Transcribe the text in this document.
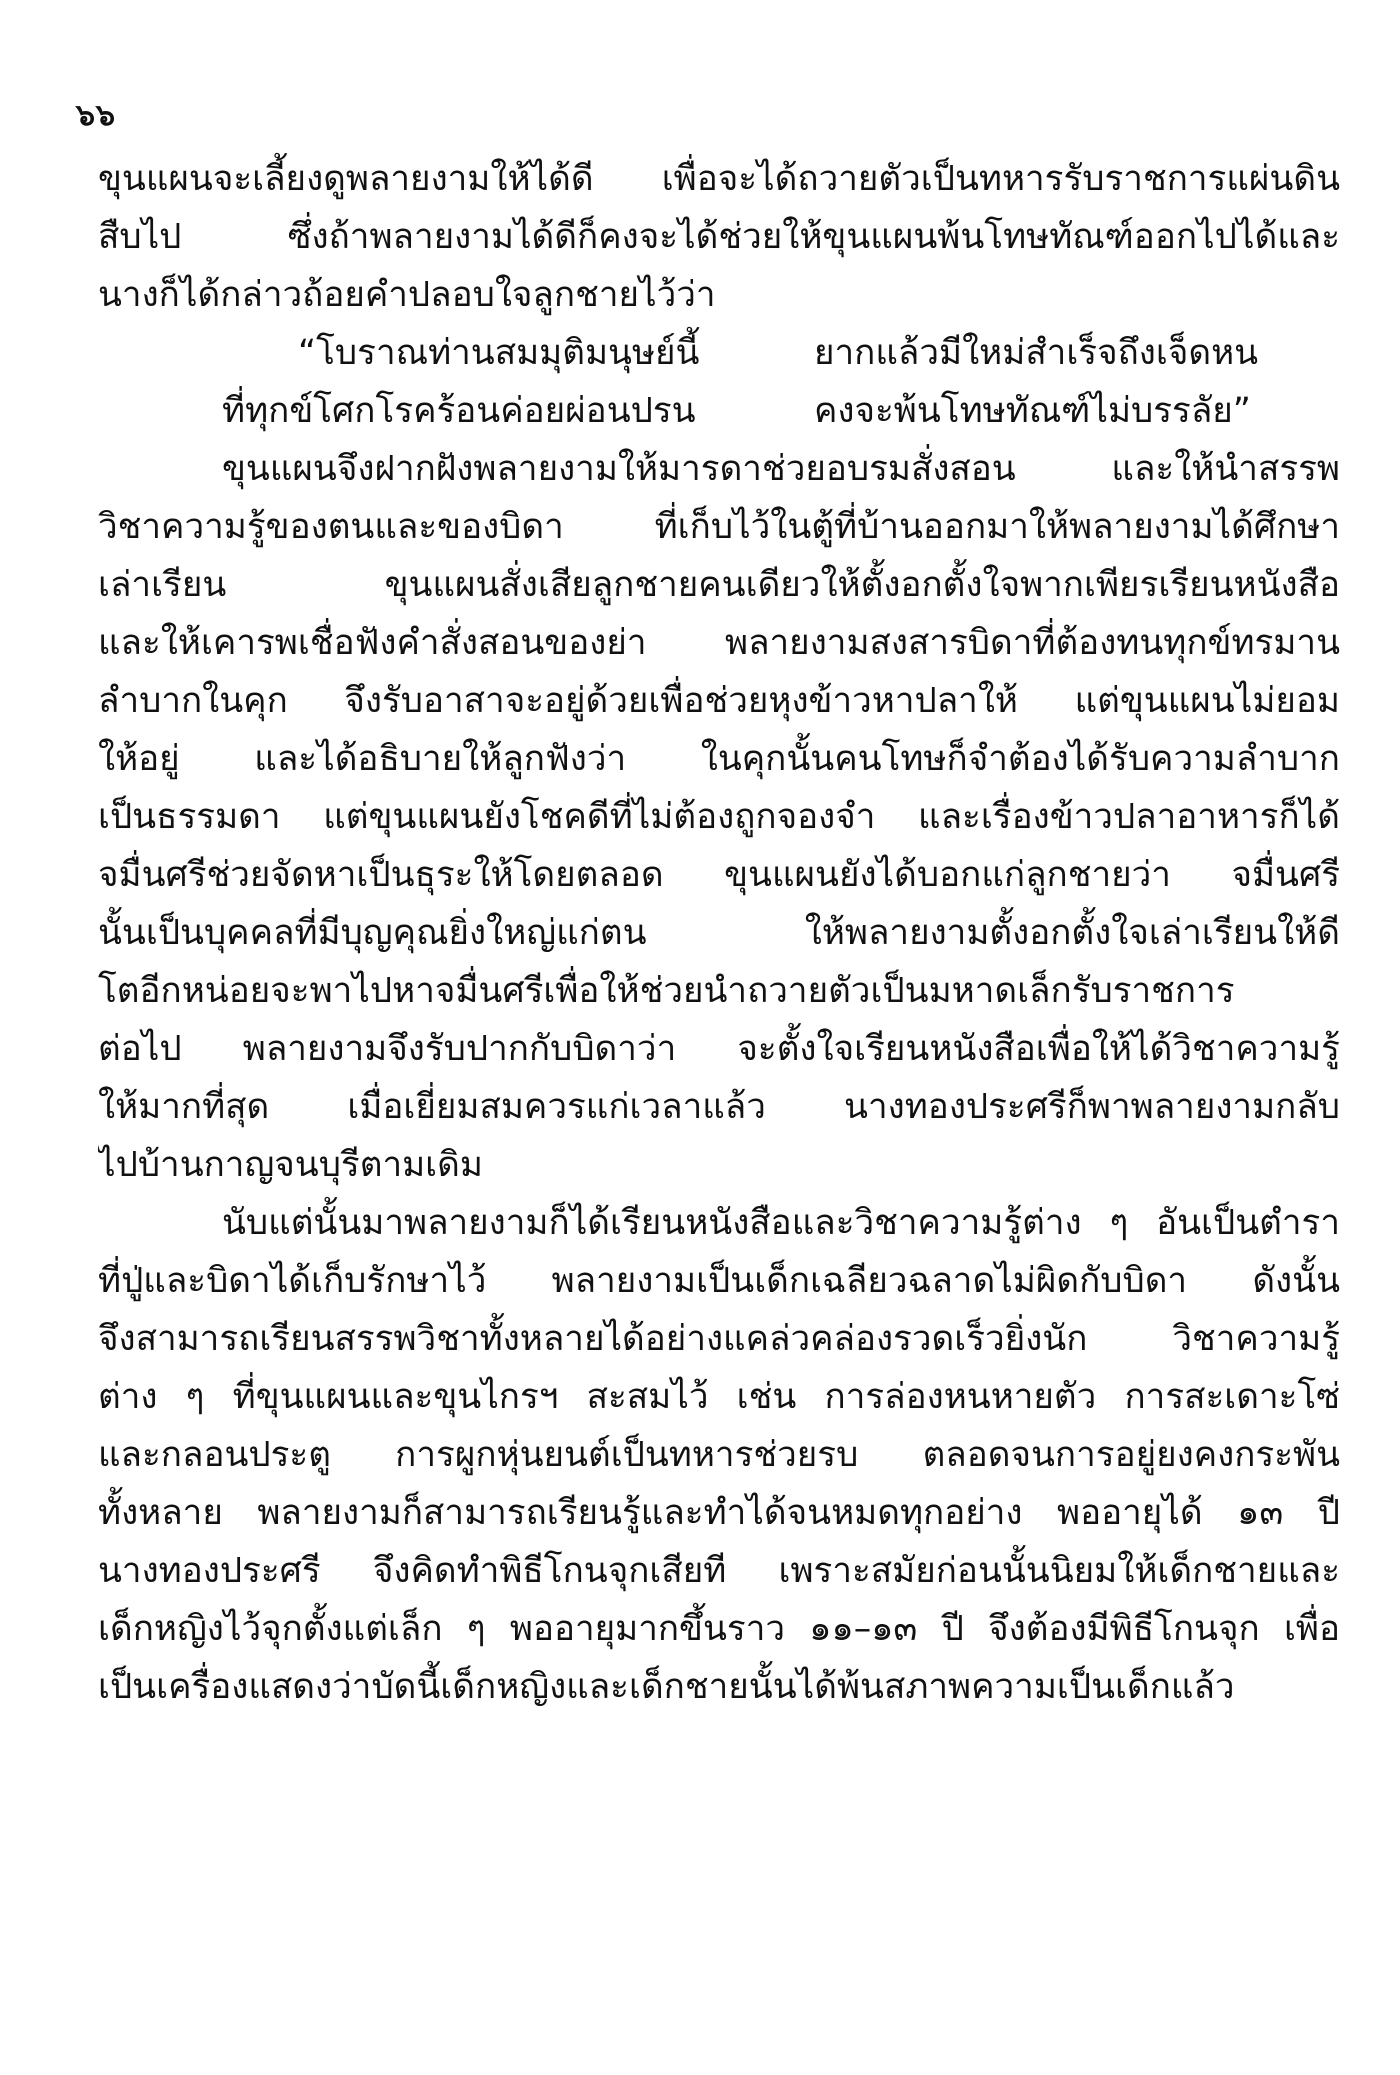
๖๖
ขุนแผนจะเลี้ยงดูพลายงามให้ได้ดี เพื่อจะได้ถวายตัวเป็นทหารรับราชการแผ่นดิน
สืบไป ซึ่งถ้าพลายงามได้ดีก็คงจะได้ช่วยให้ขุนแผนพ้นโทษทัณฑ์ออกไปได้และ
นางก็ได้กล่าวถ้อยคำปลอบใจลูกชายไว้ว่า
“โบราณท่านสมมุติมนุษย์นี้	ยากแล้วมีใหม่สำเร็จถึงเจ็ดหน
ที่ทุกข์โศกโรคร้อนค่อยผ่อนปรน	คงจะพ้นโทษทัณฑ์ไม่บรรลัย”
ขุนแผนจึงฝากฝังพลายงามให้มารดาช่วยอบรมสั่งสอน และให้นำสรรพ
วิชาความรู้ของตนและของบิดา ที่เก็บไว้ในตู้ที่บ้านออกมาให้พลายงามได้ศึกษา
เล่าเรียน ขุนแผนสั่งเสียลูกชายคนเดียวให้ตั้งอกตั้งใจพากเพียรเรียนหนังสือ
และให้เคารพเชื่อฟังคำสั่งสอนของย่า พลายงามสงสารบิดาที่ต้องทนทุกข์ทรมาน
ลำบากในคุก จึงรับอาสาจะอยู่ด้วยเพื่อช่วยหุงข้าวหาปลาให้ แต่ขุนแผนไม่ยอม
ให้อยู่ และได้อธิบายให้ลูกฟังว่า ในคุกนั้นคนโทษก็จำต้องได้รับความลำบาก
เป็นธรรมดา แต่ขุนแผนยังโชคดีที่ไม่ต้องถูกจองจำ และเรื่องข้าวปลาอาหารก็ได้
จมื่นศรีช่วยจัดหาเป็นธุระให้โดยตลอด ขุนแผนยังได้บอกแก่ลูกชายว่า จมื่นศรี
นั้นเป็นบุคคลที่มีบุญคุณยิ่งใหญ่แก่ตน ให้พลายงามตั้งอกตั้งใจเล่าเรียนให้ดี
โตอีกหน่อยจะพาไปหาจมื่นศรีเพื่อให้ช่วยนำถวายตัวเป็นมหาดเล็กรับราชการ
ต่อไป พลายงามจึงรับปากกับบิดาว่า จะตั้งใจเรียนหนังสือเพื่อให้ได้วิชาความรู้
ให้มากที่สุด เมื่อเยี่ยมสมควรแก่เวลาแล้ว นางทองประศรีก็พาพลายงามกลับ
ไปบ้านกาญจนบุรีตามเดิม
นับแต่นั้นมาพลายงามก็ได้เรียนหนังสือและวิชาความรู้ต่าง ๆ อันเป็นตำรา
ที่ปู่และบิดาได้เก็บรักษาไว้ พลายงามเป็นเด็กเฉลียวฉลาดไม่ผิดกับบิดา ดังนั้น
จึงสามารถเรียนสรรพวิชาทั้งหลายได้อย่างแคล่วคล่องรวดเร็วยิ่งนัก วิชาความรู้
ต่าง ๆ ที่ขุนแผนและขุนไกรฯ สะสมไว้ เช่น การล่องหนหายตัว การสะเดาะโซ่
และกลอนประตู การผูกหุ่นยนต์เป็นทหารช่วยรบ ตลอดจนการอยู่ยงคงกระพัน
ทั้งหลาย พลายงามก็สามารถเรียนรู้และทำได้จนหมดทุกอย่าง พออายุได้ ๑๓ ปี
นางทองประศรี จึงคิดทำพิธีโกนจุกเสียที เพราะสมัยก่อนนั้นนิยมให้เด็กชายและ
เด็กหญิงไว้จุกตั้งแต่เล็ก ๆ พออายุมากขึ้นราว ๑๑–๑๓ ปี จึงต้องมีพิธีโกนจุก เพื่อ
เป็นเครื่องแสดงว่าบัดนี้เด็กหญิงและเด็กชายนั้นได้พ้นสภาพความเป็นเด็กแล้ว
